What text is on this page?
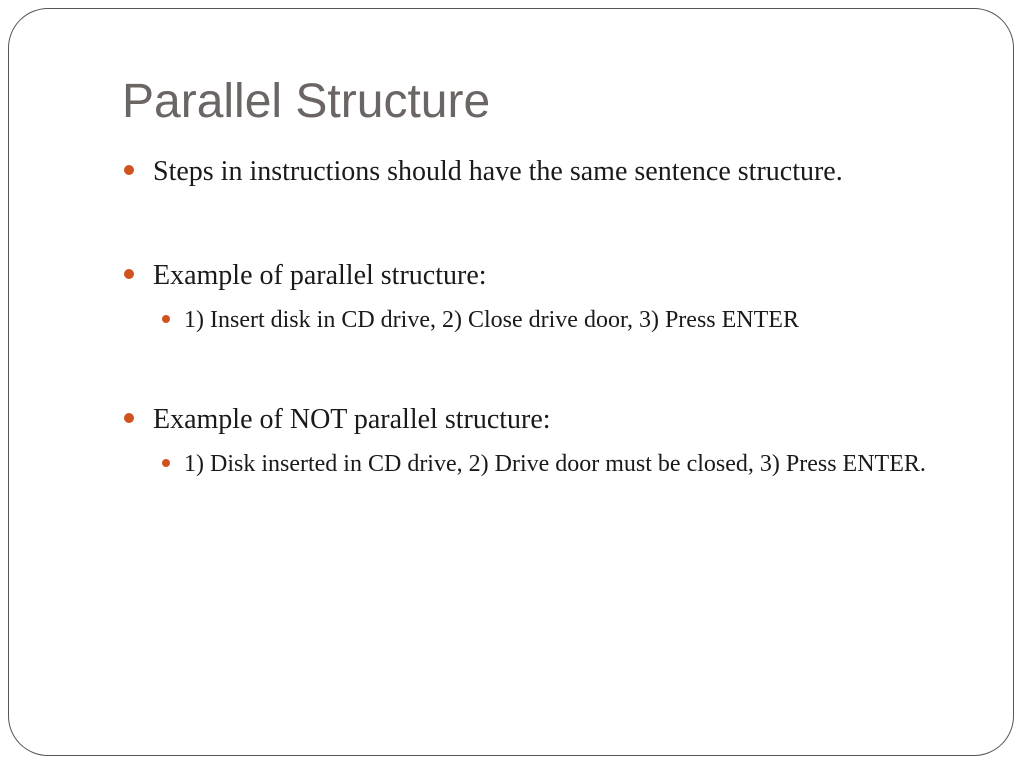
Parallel Structure

Steps in instructions should have the same sentence structure.

Example of parallel structure:

1) Insert disk in CD drive, 2) Close drive door, 3) Press ENTER

Example of NOT parallel structure:

1) Disk inserted in CD drive, 2) Drive door must be closed, 3) Press ENTER.
